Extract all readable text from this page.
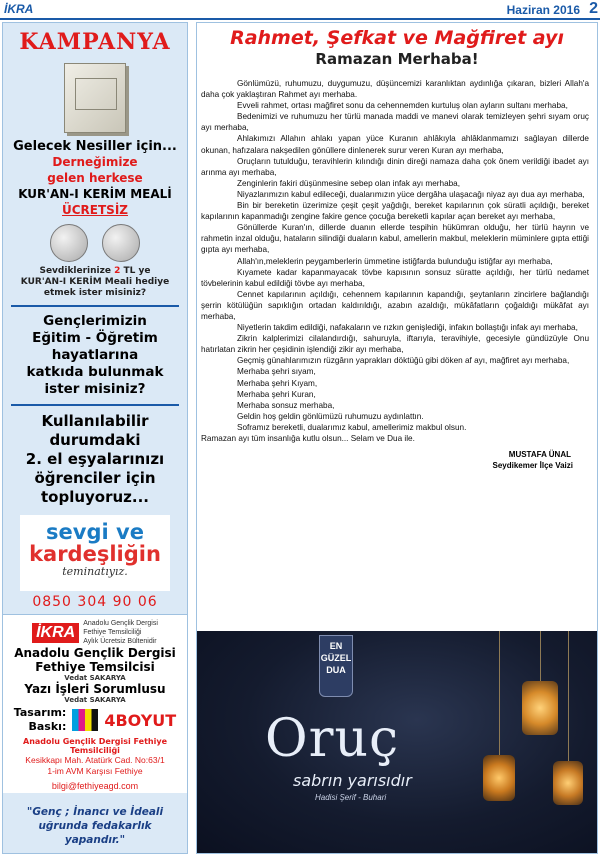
İKRA	Haziran 2016 2
KAMPANYA
Gelecek Nesiller için...
Derneğimize
gelen herkese
KUR'AN-I KERİM MEALİ
ÜCRETSİZ
Sevdiklerinize 2 TL ye KUR'AN-I KERİM Meali hediye etmek ister misiniz?
Gençlerimizin
Eğitim - Öğretim
hayatlarına
katkıda bulunmak
ister misiniz?
Kullanılabilir
durumdaki
2. el eşyalarınızı
öğrenciler için
topluyoruz...
sevgi ve
kardeşliğin
teminatıyız.
0850 304 90 06
İKRA	Anadolu Gençlik Dergisi
Fethiye Temsilciliği
Aylık Ücretsiz Bültenidir
Anadolu Gençlik Dergisi
Fethiye Temsilcisi
Vedat SAKARYA
Yazı İşleri Sorumlusu
Vedat SAKARYA
Tasarım:
Baskı: 4BOYUT
Anadolu Gençlik Dergisi Fethiye Temsilciliği
Kesikkapı Mah. Atatürk Cad. No:63/1
1-im AVM Karşısı Fethiye
bilgi@fethiyeagd.com
"Genç ; İnancı ve İdeali uğrunda fedakarlık yapandır."
Rahmet, Şefkat ve Mağfiret ayı
Ramazan Merhaba!

Gönlümüzü, ruhumuzu, duygumuzu, düşüncemizi karanlıktan aydınlığa çıkaran, bizleri Allah'a daha çok yaklaştıran Rahmet ayı merhaba.

Evveli rahmet, ortası mağfiret sonu da cehennemden kurtuluş olan ayların sultanı merhaba,

Bedenimizi ve ruhumuzu her türlü manada maddi ve manevi olarak temizleyen şehri sıyam oruç ayı merhaba,

Ahlakımızı Allahın ahlakı yapan yüce Kuranın ahlâkıyla ahlâklanmamızı sağlayan dillerde okunan, hafızalara nakşedilen gönüllere dinlenerek surur veren Kuran ayı merhaba,

Oruçların tutulduğu, teravihlerin kılındığı dinin direği namaza daha çok önem verildiği ibadet ayı arınma ayı merhaba,

Zenginlerin fakiri düşünmesine sebep olan infak ayı merhaba,

Niyazlarımızın kabul edileceği, dualarımızın yüce dergâha ulaşacağı niyaz ayı dua ayı merhaba,

Bin bir bereketin üzerimize çeşit çeşit yağdığı, bereket kapılarının çok süratli açıldığı, bereket kapılarının kapanmadığı zengine fakire gence çocuğa bereketli kapılar açan bereket ayı merhaba,

Gönüllerde Kuran'ın, dillerde duanın ellerde tespihin hükümran olduğu, her türlü hayrın ve rahmetin inzal olduğu, hataların silindiği duaların kabul, amellerin makbul, meleklerin müminlere gıpta ettiği gıpta ayı merhaba,

Allah'ın,meleklerin peygamberlerin ümmetine istiğfarda bulunduğu istiğfar ayı merhaba,

Kıyamete kadar kapanmayacak tövbe kapısının sonsuz süratte açıldığı, her türlü nedamet tövbelerinin kabul edildiği tövbe ayı merhaba,

Cennet kapılarının açıldığı, cehennem kapılarının kapandığı, şeytanların zincirlere bağlandığı şerrin kötülüğün sapıklığın ortadan kaldırıldığı, azabın azaldığı, mükâfatların çoğaldığı mükâfat ayı merhaba,

Niyetlerin takdim edildiği, nafakaların ve rızkın genişlediği, infakın bollaştığı infak ayı merhaba,

Zikrin kalplerimizi cilalandırdığı, sahuruyla, iftarıyla, teravihiyle, gecesiyle gündüzüyle Onu hatırlatan zikrin her çeşidinin işlendiği zikir ayı merhaba,

Geçmiş günahlarımızın rüzgârın yaprakları döktüğü gibi döken af ayı, mağfiret ayı merhaba,

Merhaba şehri sıyam,

Merhaba şehri Kıyam,

Merhaba şehri Kuran,

Merhaba sonsuz merhaba,

Geldin hoş geldin gönlümüzü ruhumuzu aydınlattın.

Soframız bereketli, dualarımız kabul, amellerimiz makbul olsun.

Ramazan ayı tüm insanlığa kutlu olsun... Selam ve Dua ile.

MUSTAFA ÜNAL
Seydikemer İlçe Vaizi
EN
GÜZEL
DUA
Oruç
sabrın yarısıdır
Hadisi Şerif - Buhari
